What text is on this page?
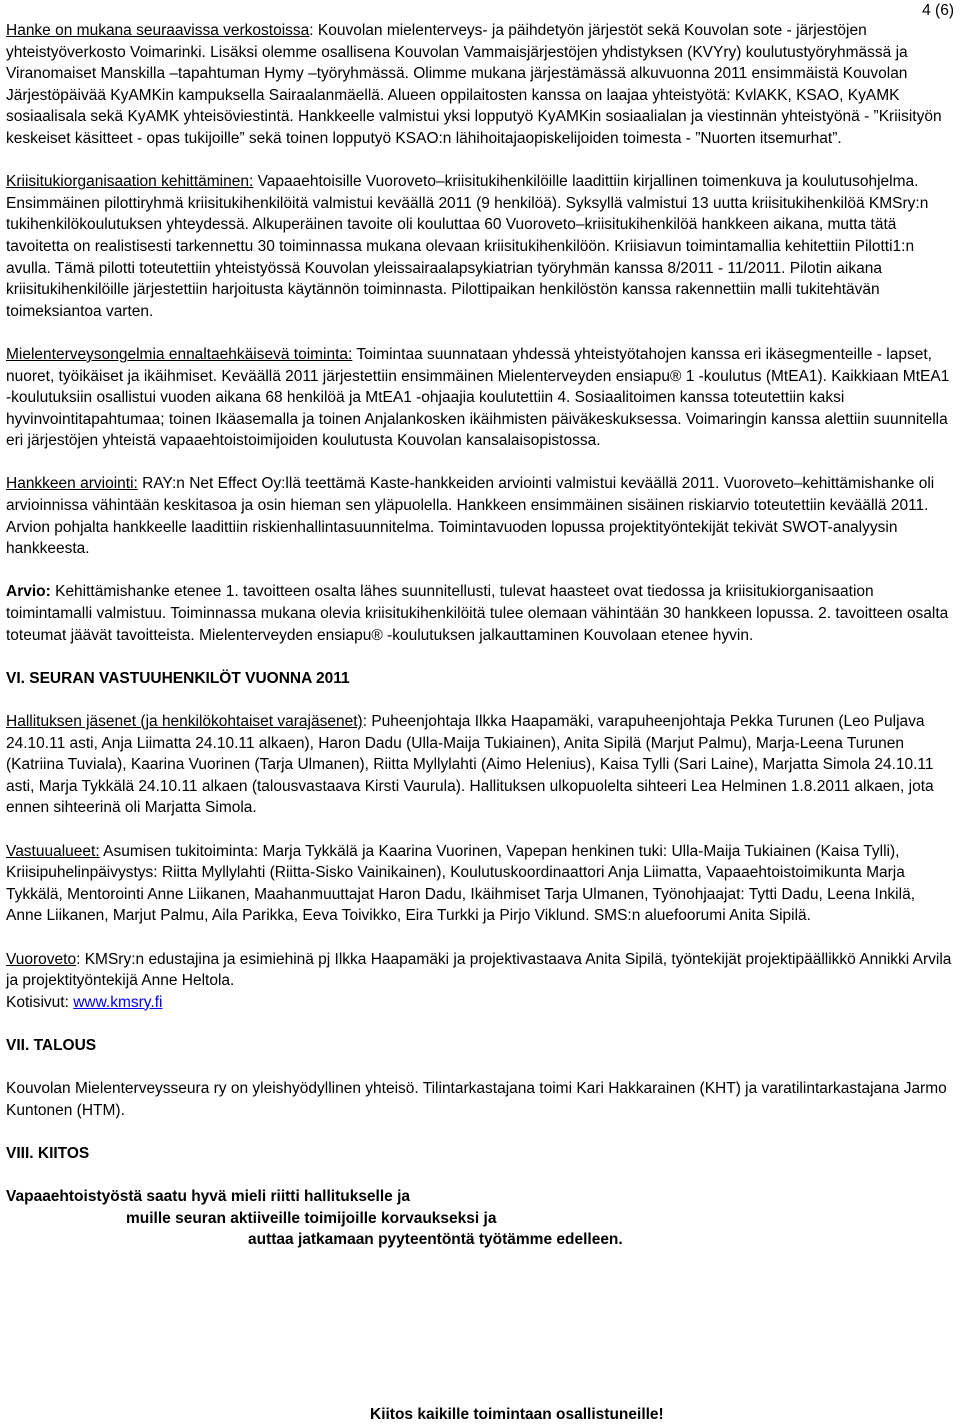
4 (6)

Hanke on mukana seuraavissa verkostoissa: Kouvolan mielenterveys- ja päihdetyön järjestöt sekä Kouvolan sote - järjestöjen yhteistyöverkosto Voimarinki. Lisäksi olemme osallisena Kouvolan Vammaisjärjestöjen yhdistyksen (KVYry) koulutustyöryhmässä ja Viranomaiset Manskilla –tapahtuman Hymy –työryhmässä. Olimme mukana järjestämässä alkuvuonna 2011 ensimmäistä Kouvolan Järjestöpäivää KyAMKin kampuksella Sairaalanmäellä. Alueen oppilaitosten kanssa on laajaa yhteistyötä: KvlAKK, KSAO, KyAMK sosiaalisala sekä KyAMK yhteisöviestintä. Hankkeelle valmistui yksi lopputyö KyAMKin sosiaalialan ja viestinnän yhteistyönä - ”Kriisityön keskeiset käsitteet - opas tukijoille” sekä toinen lopputyö KSAO:n lähihoitajaopiskelijoiden toimesta - ”Nuorten itsemurhat”.

Kriisitukiorganisaation kehittäminen: Vapaaehtoisille Vuoroveto–kriisitukihenkilöille laadittiin kirjallinen toimenkuva ja koulutusohjelma. Ensimmäinen pilottiryhmä kriisitukihenkilöitä valmistui keväällä 2011 (9 henkilöä). Syksyllä valmistui 13 uutta kriisitukihenkilöä KMSry:n tukihenkilökoulutuksen yhteydessä. Alkuperäinen tavoite oli kouluttaa 60 Vuoroveto–kriisitukihenkilöä hankkeen aikana, mutta tätä tavoitetta on realistisesti tarkennettu 30 toiminnassa mukana olevaan kriisitukihenkilöön. Kriisiavun toimintamallia kehitettiin Pilotti1:n avulla. Tämä pilotti toteutettiin yhteistyössä Kouvolan yleissairaalapsykiatrian työryhmän kanssa 8/2011 - 11/2011. Pilotin aikana kriisitukihenkilöille järjestettiin harjoitusta käytännön toiminnasta. Pilottipaikan henkilöstön kanssa rakennettiin malli tukitehtävän toimeksiantoa varten.

Mielenterveysongelmia ennaltaehkäisevä toiminta: Toimintaa suunnataan yhdessä yhteistyötahojen kanssa eri ikäsegmenteille - lapset, nuoret, työikäiset ja ikäihmiset. Keväällä 2011 järjestettiin ensimmäinen Mielenterveyden ensiapu® 1 -koulutus (MtEA1). Kaikkiaan MtEA1 -koulutuksiin osallistui vuoden aikana 68 henkilöä ja MtEA1 -ohjaajia koulutettiin 4. Sosiaalitoimen kanssa toteutettiin kaksi hyvinvointitapahtumaa; toinen Ikäasemalla ja toinen Anjalankosken ikäihmisten päiväkeskuksessa. Voimaringin kanssa alettiin suunnitella eri järjestöjen yhteistä vapaaehtoistoimijoiden koulutusta Kouvolan kansalaisopistossa.

Hankkeen arviointi: RAY:n Net Effect Oy:llä teettämä Kaste-hankkeiden arviointi valmistui keväällä 2011. Vuoroveto–kehittämishanke oli arvioinnissa vähintään keskitasoa ja osin hieman sen yläpuolella. Hankkeen ensimmäinen sisäinen riskiarvio toteutettiin keväällä 2011. Arvion pohjalta hankkeelle laadittiin riskienhallintasuunnitelma. Toimintavuoden lopussa projektityöntekijät tekivät SWOT-analyysin hankkeesta.

Arvio: Kehittämishanke etenee 1. tavoitteen osalta lähes suunnitellusti, tulevat haasteet ovat tiedossa ja kriisitukiorganisaation toimintamalli valmistuu. Toiminnassa mukana olevia kriisitukihenkilöitä tulee olemaan vähintään 30 hankkeen lopussa. 2. tavoitteen osalta toteumat jäävät tavoitteista. Mielenterveyden ensiapu® -koulutuksen jalkauttaminen Kouvolaan etenee hyvin.

VI. SEURAN VASTUUHENKILÖT VUONNA 2011

Hallituksen jäsenet (ja henkilökohtaiset varajäsenet): Puheenjohtaja Ilkka Haapamäki, varapuheenjohtaja Pekka Turunen (Leo Puljava 24.10.11 asti, Anja Liimatta 24.10.11 alkaen), Haron Dadu (Ulla-Maija Tukiainen), Anita Sipilä (Marjut Palmu), Marja-Leena Turunen (Katriina Tuviala), Kaarina Vuorinen (Tarja Ulmanen), Riitta Myllylahti (Aimo Helenius), Kaisa Tylli (Sari Laine), Marjatta Simola 24.10.11 asti, Marja Tykkälä 24.10.11 alkaen (talousvastaava Kirsti Vaurula). Hallituksen ulkopuolelta sihteeri Lea Helminen 1.8.2011 alkaen, jota ennen sihteerinä oli Marjatta Simola.

Vastuualueet: Asumisen tukitoiminta: Marja Tykkälä ja Kaarina Vuorinen, Vapepan henkinen tuki: Ulla-Maija Tukiainen (Kaisa Tylli), Kriisipuhelinpäivystys: Riitta Myllylahti (Riitta-Sisko Vainikainen), Koulutuskoordinaattori Anja Liimatta, Vapaaehtoistoimikunta Marja Tykkälä, Mentorointi Anne Liikanen, Maahanmuuttajat Haron Dadu, Ikäihmiset Tarja Ulmanen, Työnohjaajat: Tytti Dadu, Leena Inkilä, Anne Liikanen, Marjut Palmu, Aila Parikka, Eeva Toivikko, Eira Turkki ja Pirjo Viklund. SMS:n aluefoorumi Anita Sipilä.

Vuoroveto: KMSry:n edustajina ja esimiehinä pj Ilkka Haapamäki ja projektivastaava Anita Sipilä, työntekijät projektipäällikkö Annikki Arvila ja projektityöntekijä Anne Heltola.
Kotisivut: www.kmsry.fi

VII. TALOUS

Kouvolan Mielenterveysseura ry on yleishyödyllinen yhteisö. Tilintarkastajana toimi Kari Hakkarainen (KHT) ja varatilintarkastajana Jarmo Kuntonen (HTM).

VIII. KIITOS

Vapaaehtoistyöstä saatu hyvä mieli riitti hallitukselle ja
muille seuran aktiiveille toimijoille korvaukseksi ja
auttaa jatkamaan pyyteentöntä työtämme edelleen.

Kiitos kaikille toimintaan osallistuneille!
